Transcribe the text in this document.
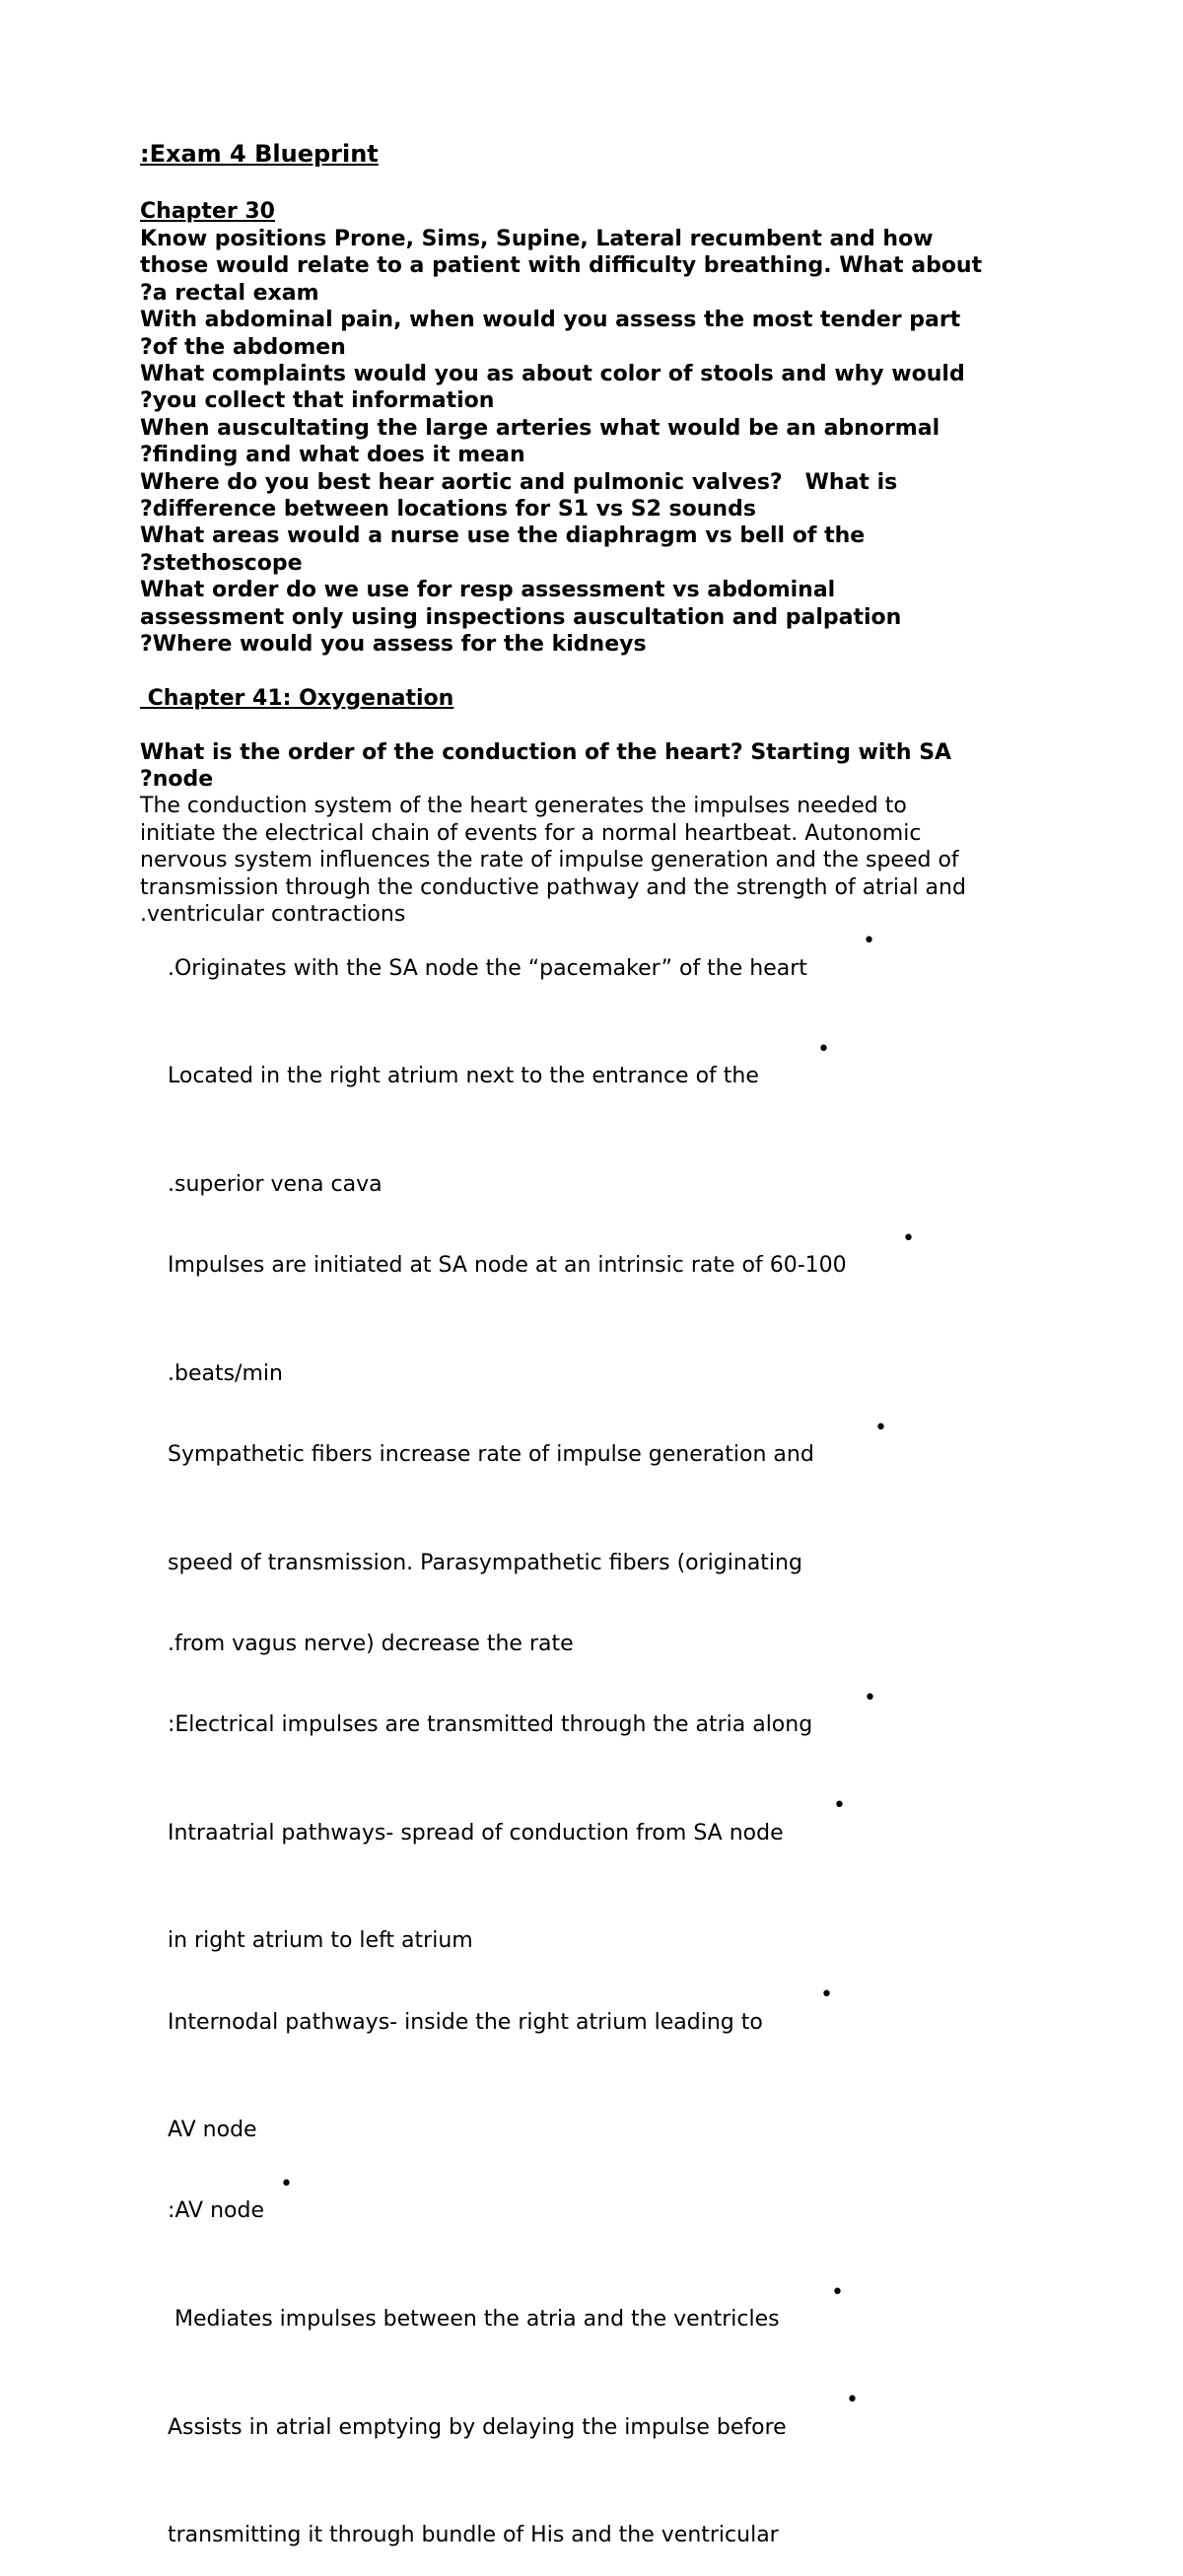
:Exam 4 Blueprint

Chapter 30

Know positions Prone, Sims, Supine, Lateral recumbent and how

those would relate to a patient with difficulty breathing. What about

?a rectal exam

With abdominal pain, when would you assess the most tender part

?of the abdomen

What complaints would you as about color of stools and why would

?you collect that information

When auscultating the large arteries what would be an abnormal

?finding and what does it mean

Where do you best hear aortic and pulmonic valves?   What is

?difference between locations for S1 vs S2 sounds

What areas would a nurse use the diaphragm vs bell of the

?stethoscope

What order do we use for resp assessment vs abdominal

assessment only using inspections auscultation and palpation

?Where would you assess for the kidneys

Chapter 41: Oxygenation

What is the order of the conduction of the heart? Starting with SA

?node

The conduction system of the heart generates the impulses needed to

initiate the electrical chain of events for a normal heartbeat. Autonomic

nervous system influences the rate of impulse generation and the speed of

transmission through the conductive pathway and the strength of atrial and

.ventricular contractions

.Originates with the SA node the “pacemaker” of the heart

•

Located in the right atrium next to the entrance of the

•

.superior vena cava

Impulses are initiated at SA node at an intrinsic rate of 60-100

•

.beats/min

Sympathetic fibers increase rate of impulse generation and

•

speed of transmission. Parasympathetic fibers (originating

.from vagus nerve) decrease the rate

:Electrical impulses are transmitted through the atria along

•

Intraatrial pathways- spread of conduction from SA node

•

in right atrium to left atrium

Internodal pathways- inside the right atrium leading to

•

AV node

:AV node

•

Mediates impulses between the atria and the ventricles

•

Assists in atrial emptying by delaying the impulse before

•

transmitting it through bundle of His and the ventricular
